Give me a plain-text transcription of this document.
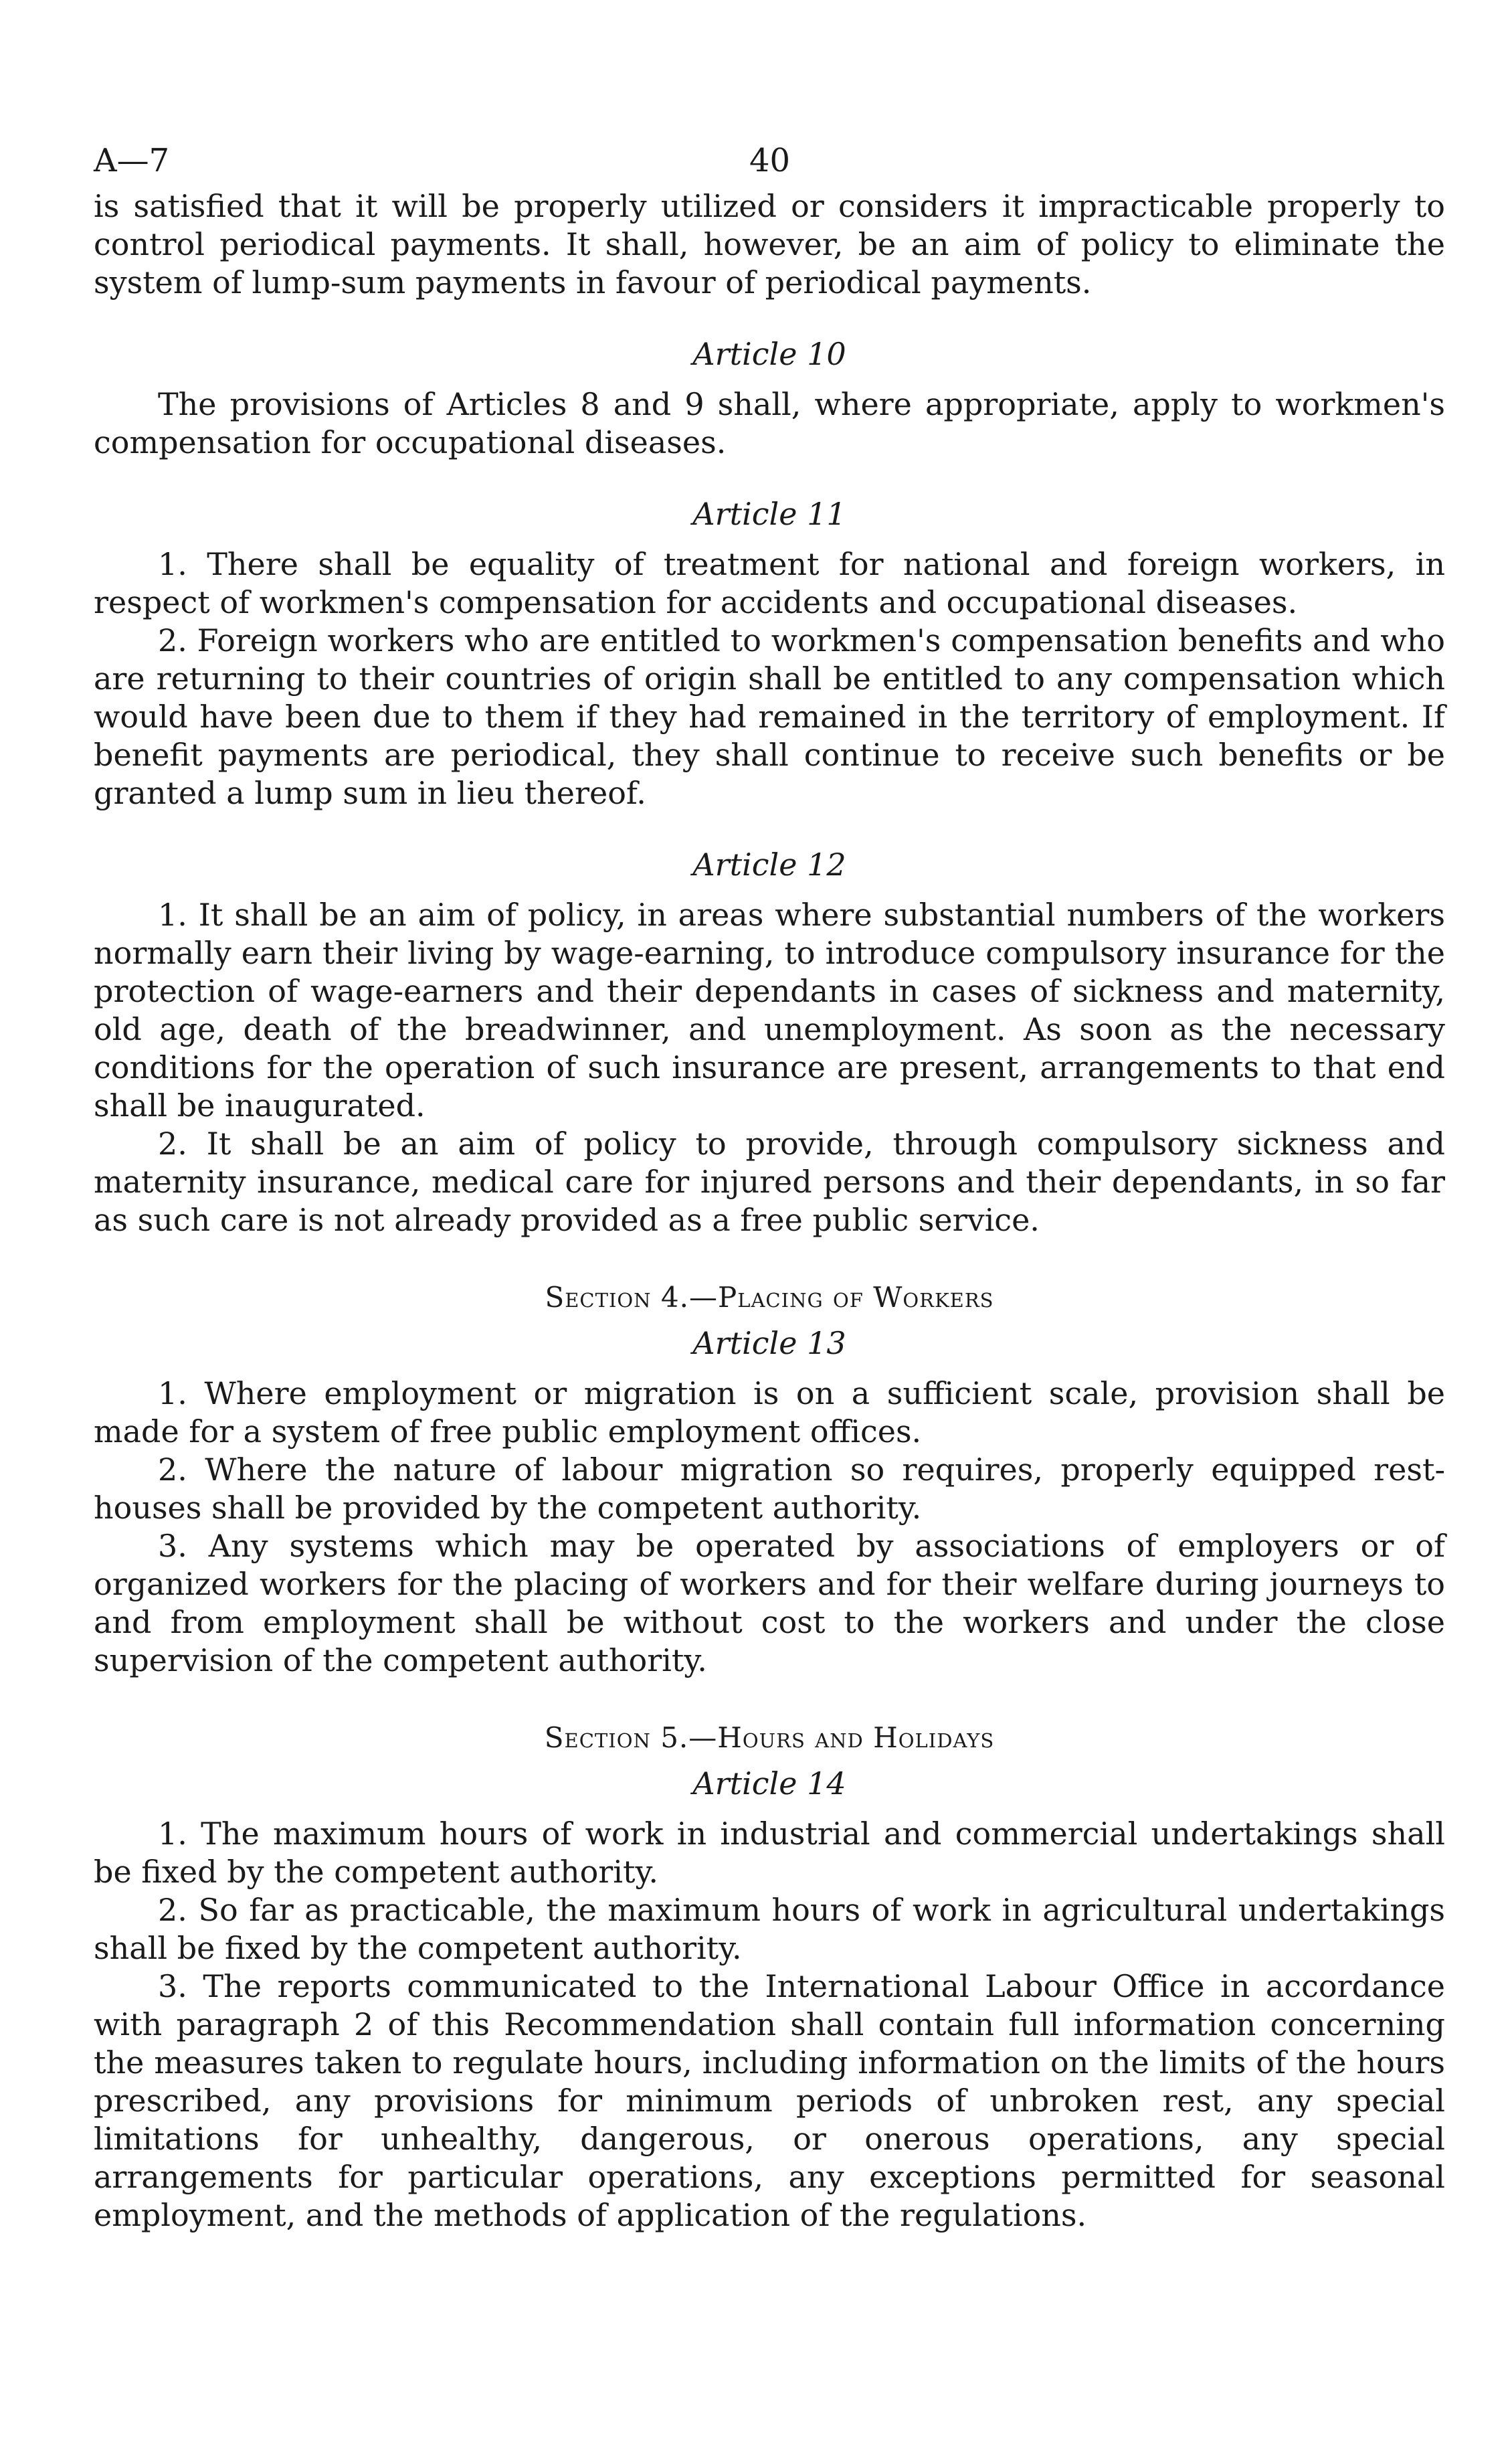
A—7	40

is satisfied that it will be properly utilized or considers it impracticable properly to control periodical payments. It shall, however, be an aim of policy to eliminate the system of lump-sum payments in favour of periodical payments.

Article 10

The provisions of Articles 8 and 9 shall, where appropriate, apply to workmen's compensation for occupational diseases.

Article 11

1. There shall be equality of treatment for national and foreign workers, in respect of workmen's compensation for accidents and occupational diseases.

2. Foreign workers who are entitled to workmen's compensation benefits and who are returning to their countries of origin shall be entitled to any compensation which would have been due to them if they had remained in the territory of employment. If benefit payments are periodical, they shall continue to receive such benefits or be granted a lump sum in lieu thereof.

Article 12

1. It shall be an aim of policy, in areas where substantial numbers of the workers normally earn their living by wage-earning, to introduce compulsory insurance for the protection of wage-earners and their dependants in cases of sickness and maternity, old age, death of the breadwinner, and unemployment. As soon as the necessary conditions for the operation of such insurance are present, arrangements to that end shall be inaugurated.

2. It shall be an aim of policy to provide, through compulsory sickness and maternity insurance, medical care for injured persons and their dependants, in so far as such care is not already provided as a free public service.

Section 4.—Placing of Workers
Article 13

1. Where employment or migration is on a sufficient scale, provision shall be made for a system of free public employment offices.

2. Where the nature of labour migration so requires, properly equipped rest-houses shall be provided by the competent authority.

3. Any systems which may be operated by associations of employers or of organized workers for the placing of workers and for their welfare during journeys to and from employment shall be without cost to the workers and under the close supervision of the competent authority.

Section 5.—Hours and Holidays
Article 14

1. The maximum hours of work in industrial and commercial undertakings shall be fixed by the competent authority.

2. So far as practicable, the maximum hours of work in agricultural undertakings shall be fixed by the competent authority.

3. The reports communicated to the International Labour Office in accordance with paragraph 2 of this Recommendation shall contain full information concerning the measures taken to regulate hours, including information on the limits of the hours prescribed, any provisions for minimum periods of unbroken rest, any special limitations for unhealthy, dangerous, or onerous operations, any special arrangements for particular operations, any exceptions permitted for seasonal employment, and the methods of application of the regulations.
